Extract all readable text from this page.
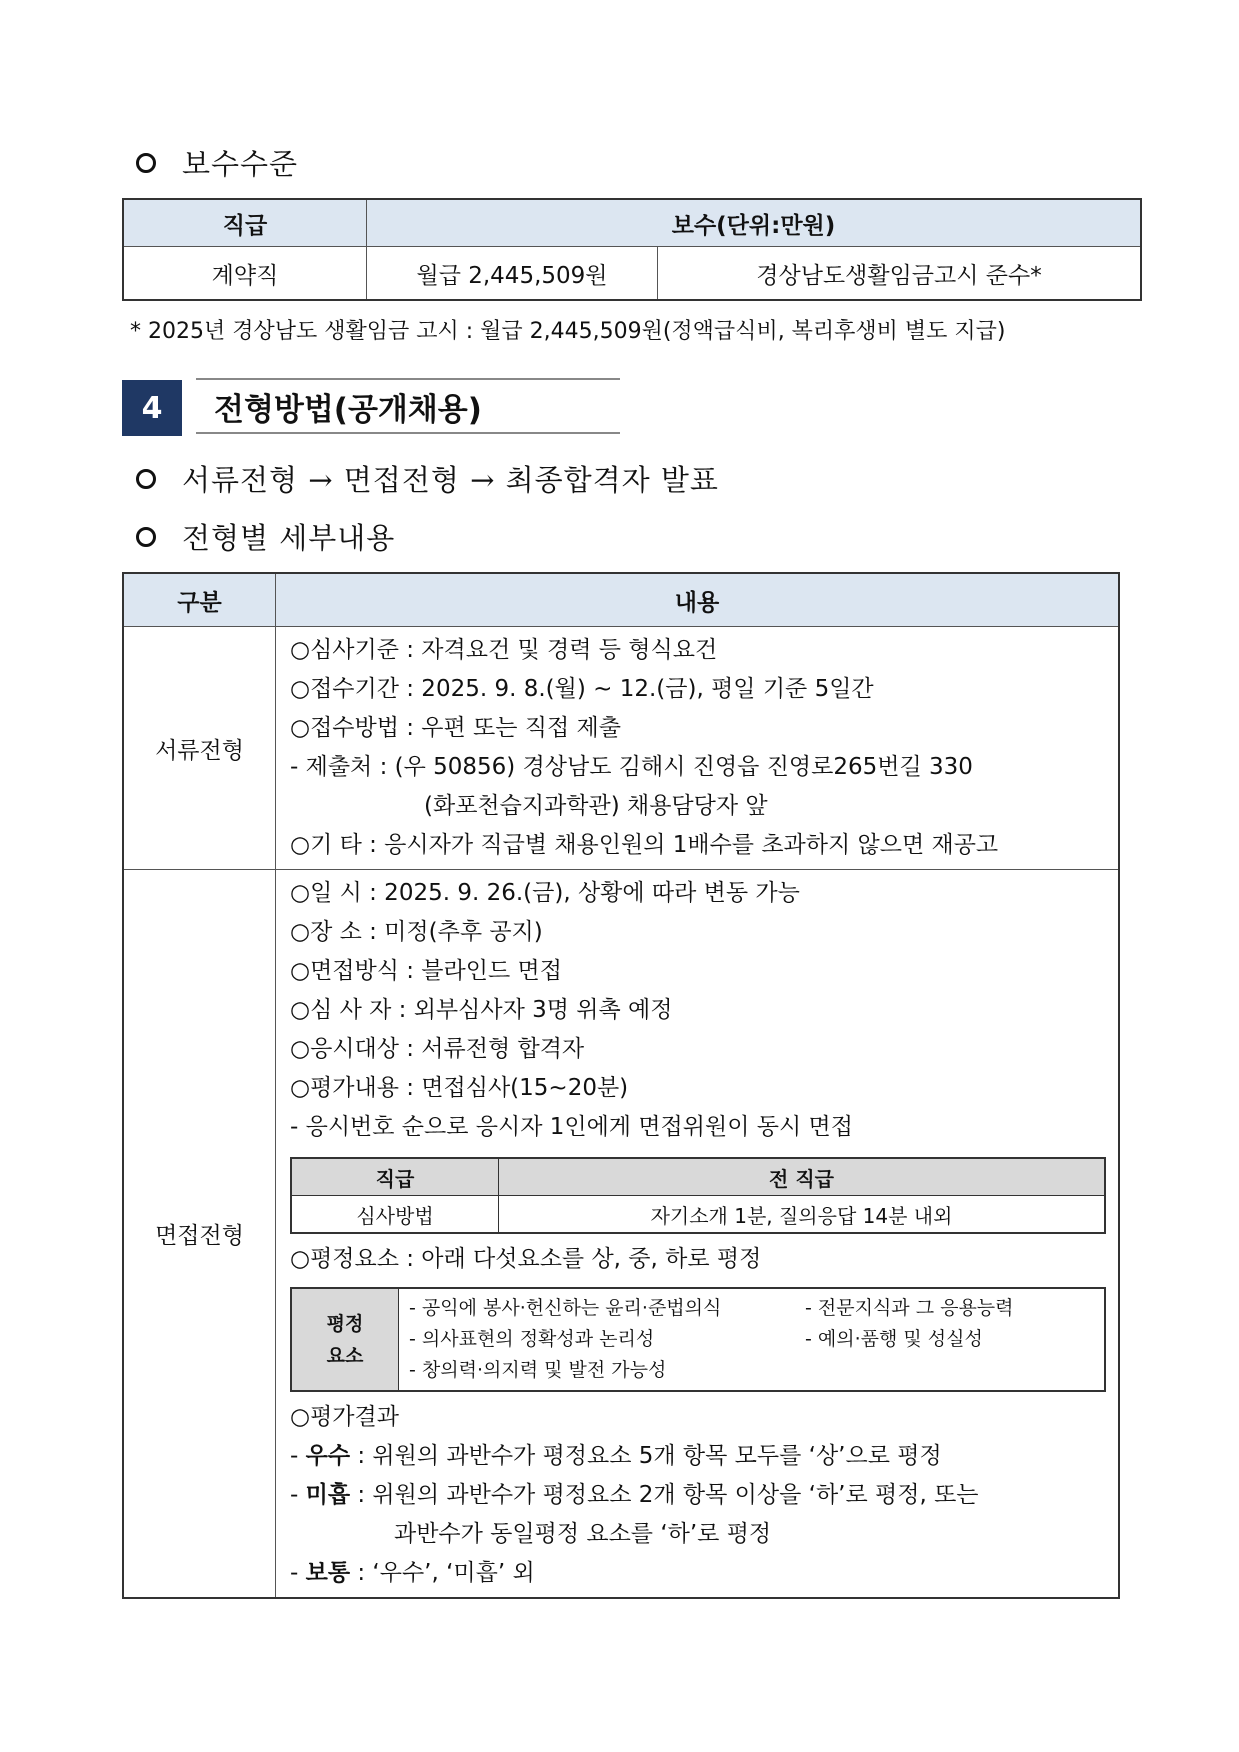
보수수준
직급	보수(단위:만원)	
계약직	월급 2,445,509원	경상남도생활임금고시 준수*
* 2025년 경상남도 생활임금 고시 : 월급 2,445,509원(정액급식비, 복리후생비 별도 지급)
4	전형방법(공개채용)
서류전형 → 면접전형 → 최종합격자 발표
전형별 세부내용
구분	내용
서류전형	
○심사기준 : 자격요건 및 경력 등 형식요건
○접수기간 : 2025. 9. 8.(월) ~ 12.(금), 평일 기준 5일간
○접수방법 : 우편 또는 직접 제출
- 제출처 : (우 50856) 경상남도 김해시 진영읍 진영로265번길 330
(화포천습지과학관) 채용담당자 앞
○기 타 : 응시자가 직급별 채용인원의 1배수를 초과하지 않으면 재공고

면접전형	
○일 시 : 2025. 9. 26.(금), 상황에 따라 변동 가능
○장 소 : 미정(추후 공지)
○면접방식 : 블라인드 면접
○심 사 자 : 외부심사자 3명 위촉 예정
○응시대상 : 서류전형 합격자
○평가내용 : 면접심사(15~20분)
- 응시번호 순으로 응시자 1인에게 면접위원이 동시 면접
직급	전 직급
심사방법	자기소개 1분, 질의응답 14분 내외
○평정요소 : 아래 다섯요소를 상, 중, 하로 평정
평정
요소

- 공익에 봉사·헌신하는 윤리·준법의식	- 전문지식과 그 응용능력
- 의사표현의 정확성과 논리성	- 예의·품행 및 성실성
- 창의력·의지력 및 발전 가능성
○평가결과
- 우수 : 위원의 과반수가 평정요소 5개 항목 모두를 ‘상’으로 평정
- 미흡 : 위원의 과반수가 평정요소 2개 항목 이상을 ‘하’로 평정, 또는
과반수가 동일평정 요소를 ‘하’로 평정
- 보통 : ‘우수’, ‘미흡’ 외
